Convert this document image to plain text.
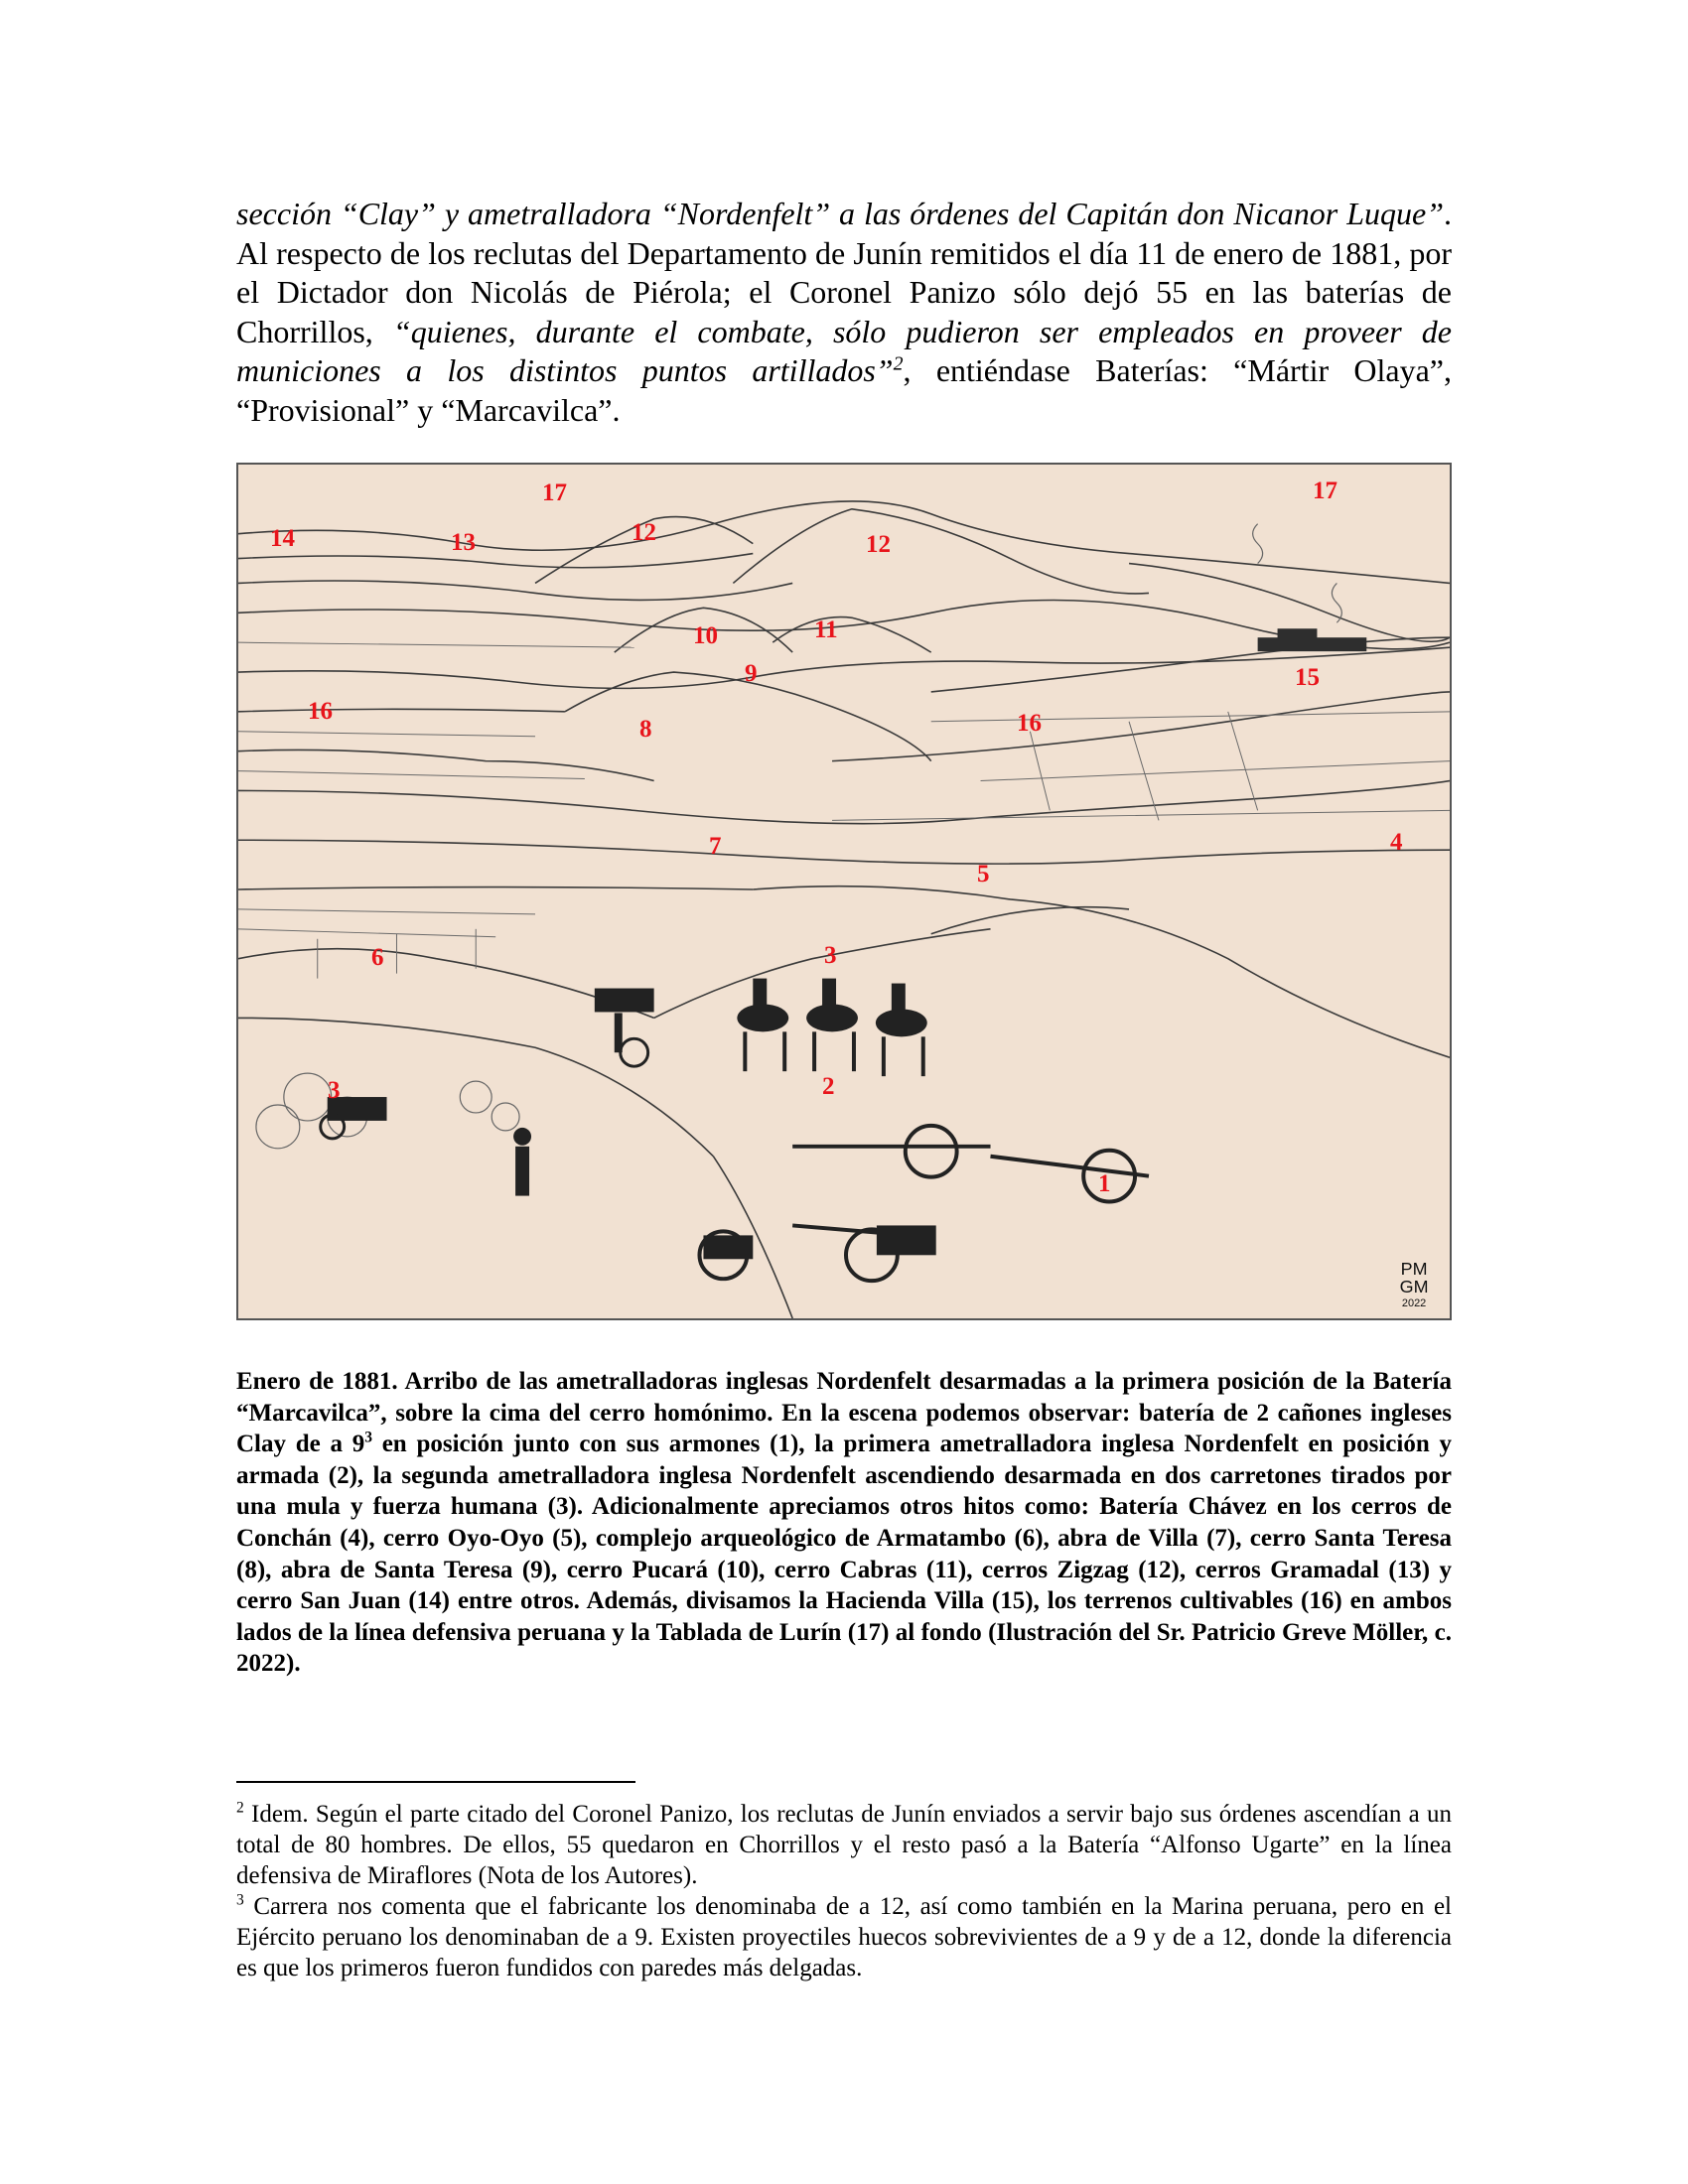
sección “Clay” y ametralladora “Nordenfelt” a las órdenes del Capitán don Nicanor Luque”. Al respecto de los reclutas del Departamento de Junín remitidos el día 11 de enero de 1881, por el Dictador don Nicolás de Piérola; el Coronel Panizo sólo dejó 55 en las baterías de Chorrillos, “quienes, durante el combate, sólo pudieron ser empleados en proveer de municiones a los distintos puntos artillados”$^2$, entiéndase Baterías: “Mártir Olaya”, “Provisional” y “Marcavilca”.

PM
GM
2022
17	17
14	13	12	12
10	11
9	15
16	16
8
7
5
4
6	3
3	2
1

Enero de 1881. Arribo de las ametralladoras inglesas Nordenfelt desarmadas a la primera posición de la Batería “Marcavilca”, sobre la cima del cerro homónimo. En la escena podemos observar: batería de 2 cañones ingleses Clay de a $9^3$ en posición junto con sus armones (1), la primera ametralladora inglesa Nordenfelt en posición y armada (2), la segunda ametralladora inglesa Nordenfelt ascendiendo desarmada en dos carretones tirados por una mula y fuerza humana (3). Adicionalmente apreciamos otros hitos como: Batería Chávez en los cerros de Conchán (4), cerro Oyo-Oyo (5), complejo arqueológico de Armatambo (6), abra de Villa (7), cerro Santa Teresa (8), abra de Santa Teresa (9), cerro Pucará (10), cerro Cabras (11), cerros Zigzag (12), cerros Gramadal (13) y cerro San Juan (14) entre otros. Además, divisamos la Hacienda Villa (15), los terrenos cultivables (16) en ambos lados de la línea defensiva peruana y la Tablada de Lurín (17) al fondo (Ilustración del Sr. Patricio Greve Möller, c. 2022).

$^2$ Idem. Según el parte citado del Coronel Panizo, los reclutas de Junín enviados a servir bajo sus órdenes ascendían a un total de 80 hombres. De ellos, 55 quedaron en Chorrillos y el resto pasó a la Batería “Alfonso Ugarte” en la línea defensiva de Miraflores (Nota de los Autores).

$^3$ Carrera nos comenta que el fabricante los denominaba de a 12, así como también en la Marina peruana, pero en el Ejército peruano los denominaban de a 9. Existen proyectiles huecos sobrevivientes de a 9 y de a 12, donde la diferencia es que los primeros fueron fundidos con paredes más delgadas.
